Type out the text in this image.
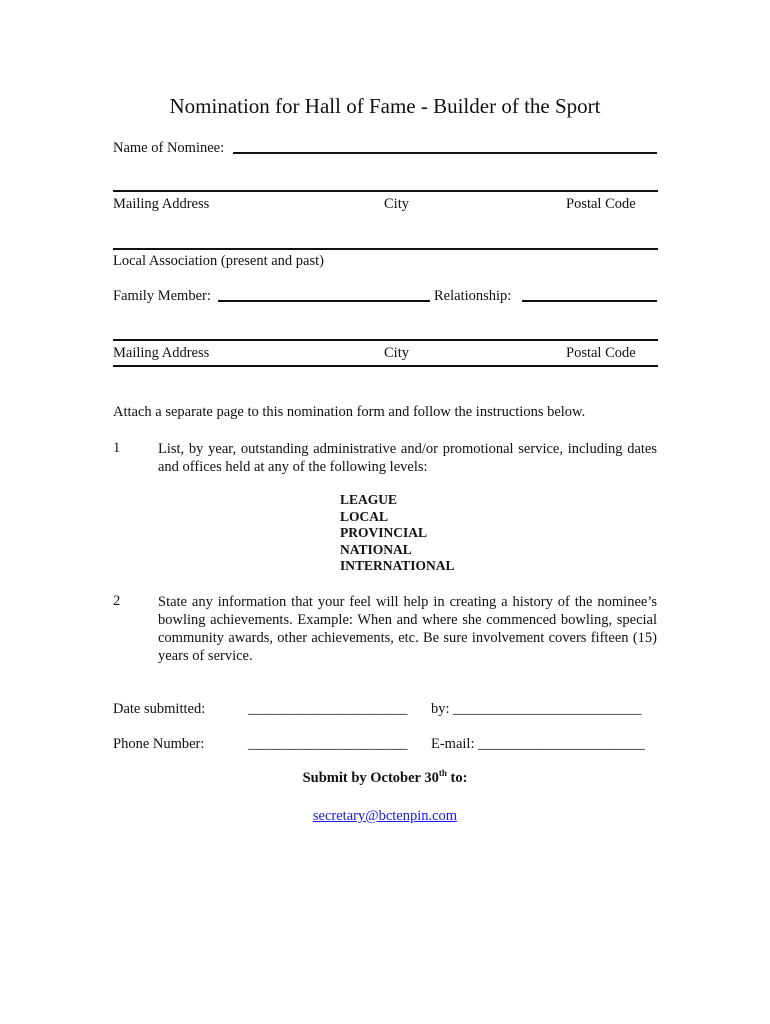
Nomination for Hall of Fame - Builder of the Sport
Name of Nominee:
Mailing Address	City	Postal Code
Local Association (present and past)
Family Member:	Relationship:
Mailing Address	City	Postal Code
Attach a separate page to this nomination form and follow the instructions below.
1	List, by year, outstanding administrative and/or promotional service, including dates and offices held at any of the following levels:
LEAGUE
LOCAL
PROVINCIAL
NATIONAL
INTERNATIONAL
2	State any information that your feel will help in creating a history of the nominee’s bowling achievements. Example: When and where she commenced bowling, special community awards, other achievements, etc. Be sure involvement covers fifteen (15) years of service.
Date submitted:	______________________ by: __________________________
Phone Number:	______________________ E-mail: _______________________
Submit by October 30th to:
secretary@bctenpin.com
